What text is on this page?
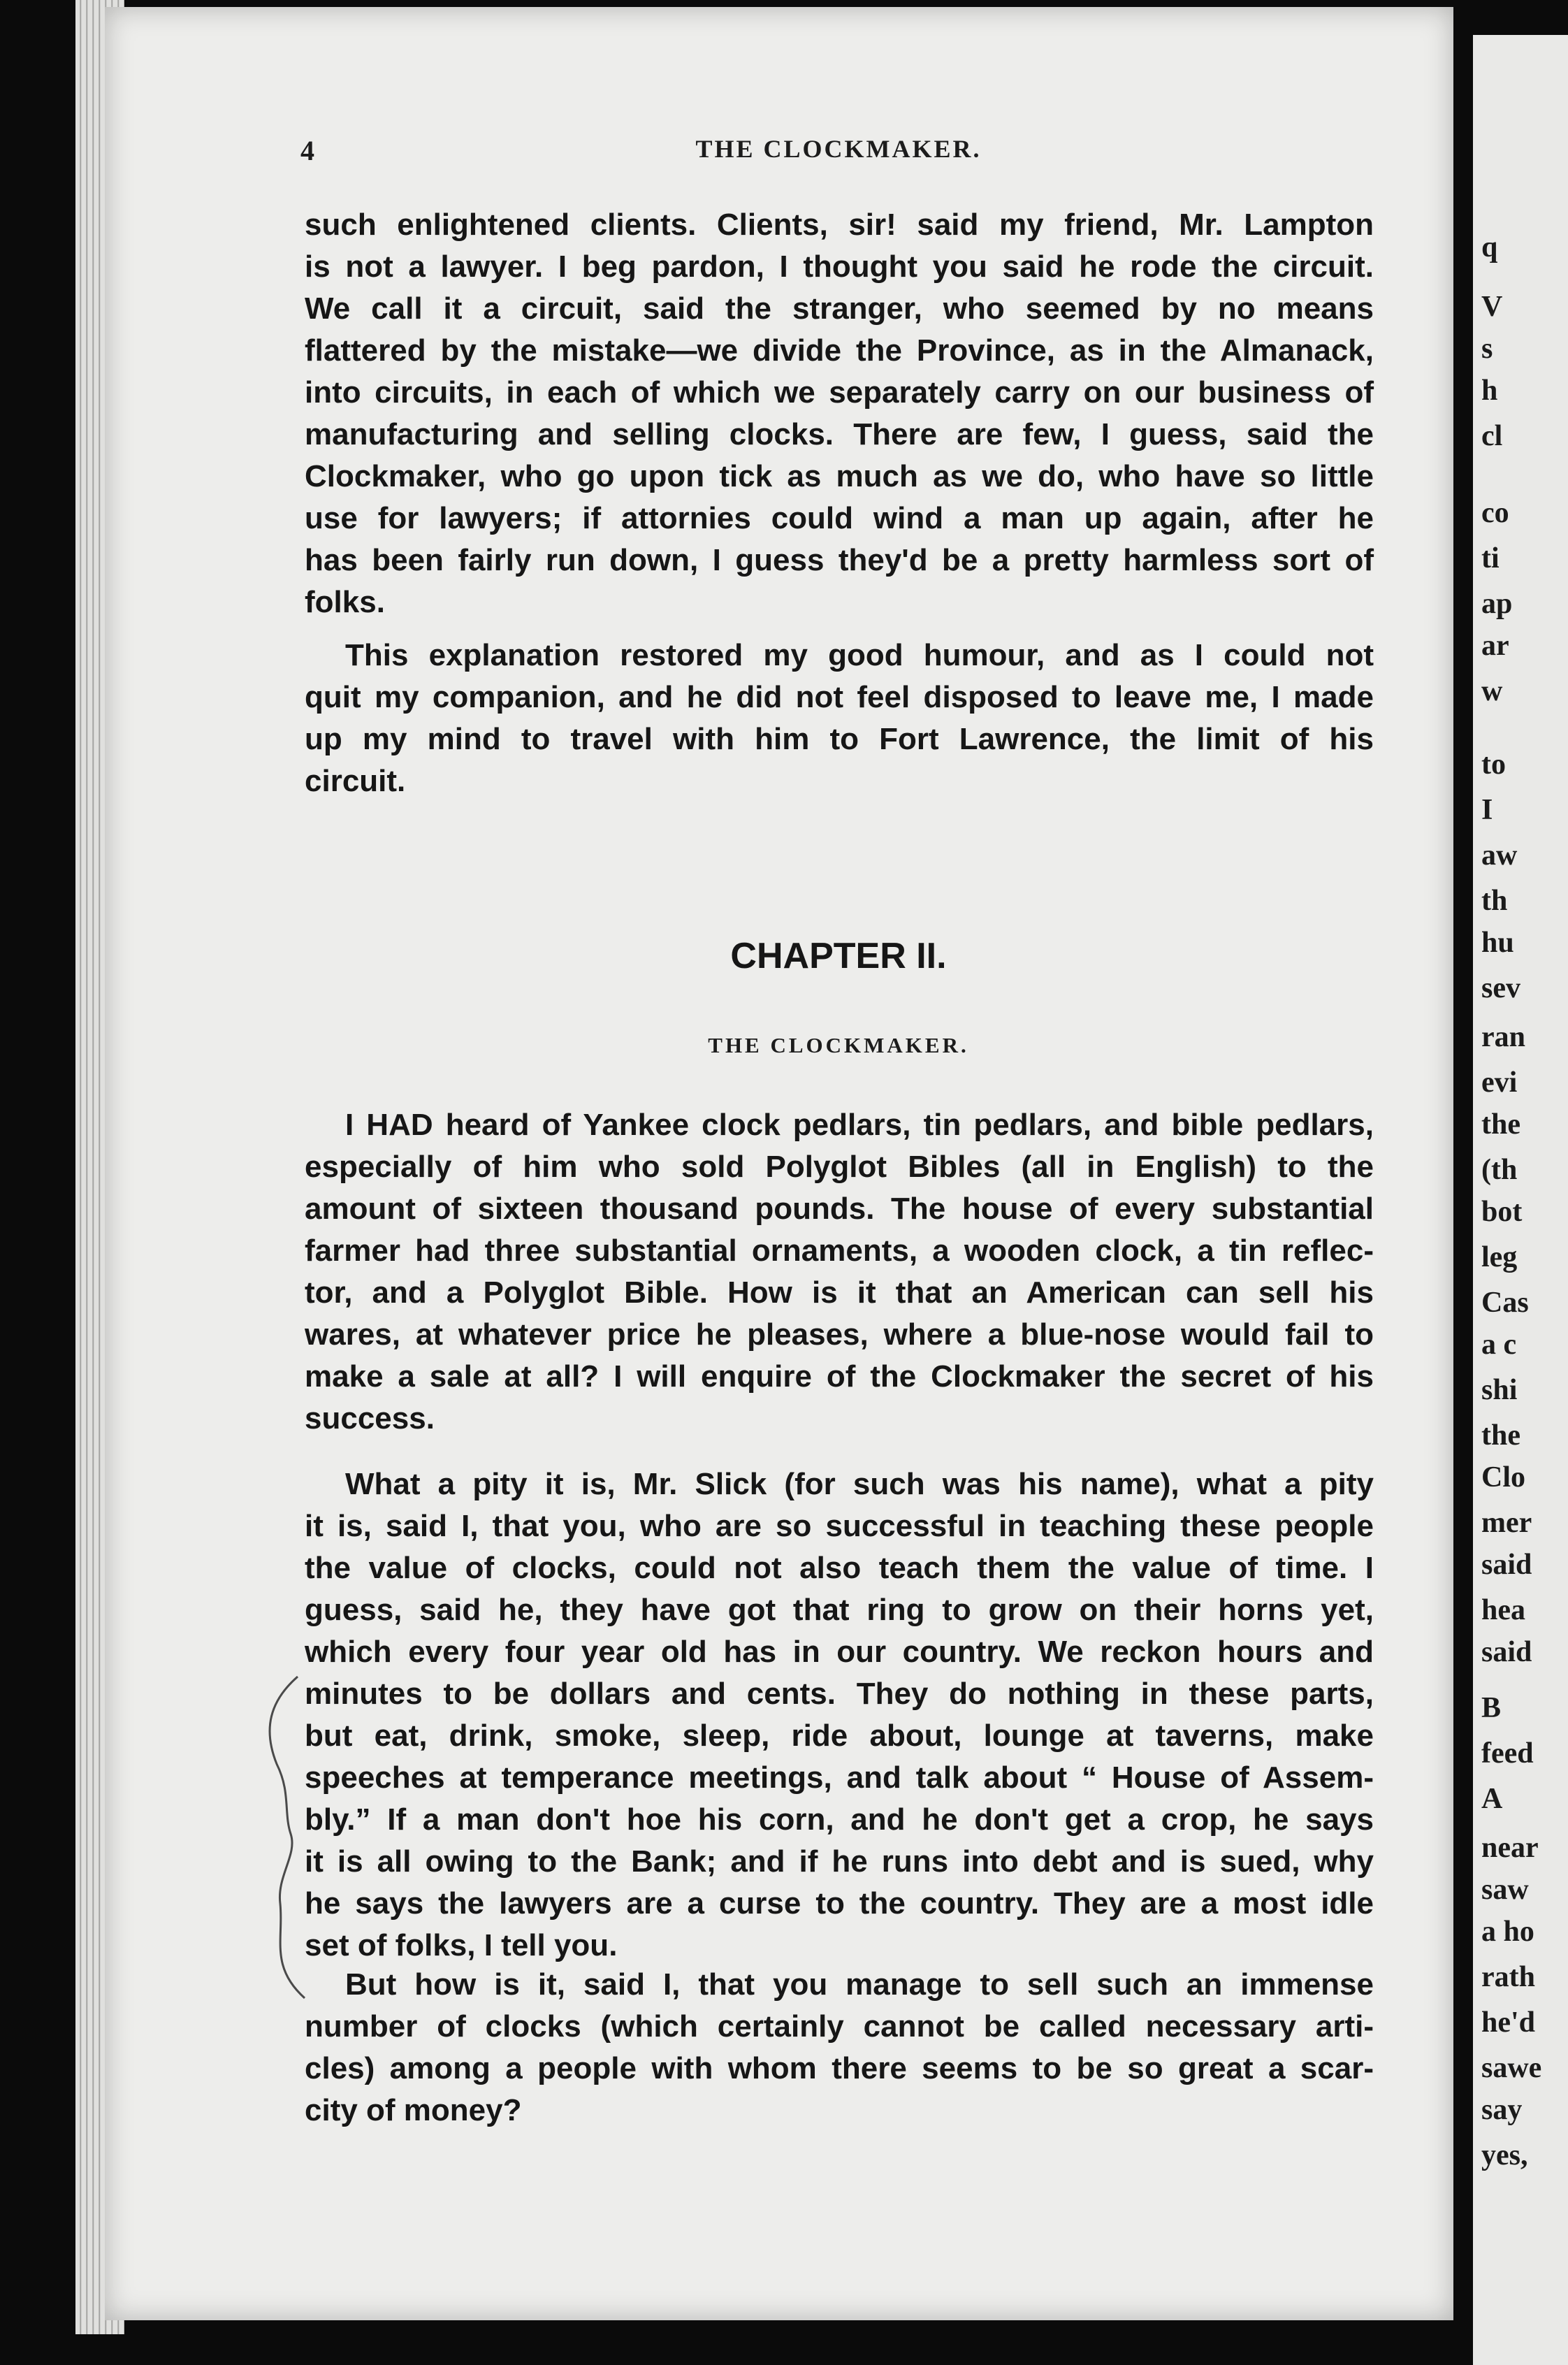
4	THE CLOCKMAKER.
such enlightened clients. Clients, sir! said my friend, Mr. Lampton
is not a lawyer. I beg pardon, I thought you said he rode the circuit.
We call it a circuit, said the stranger, who seemed by no means
flattered by the mistake—we divide the Province, as in the Almanack,
into circuits, in each of which we separately carry on our business of
manufacturing and selling clocks. There are few, I guess, said the
Clockmaker, who go upon tick as much as we do, who have so little
use for lawyers; if attornies could wind a man up again, after he
has been fairly run down, I guess they'd be a pretty harmless sort of
folks.
This explanation restored my good humour, and as I could not
quit my companion, and he did not feel disposed to leave me, I made
up my mind to travel with him to Fort Lawrence, the limit of his
circuit.
CHAPTER II.
THE CLOCKMAKER.
I HAD heard of Yankee clock pedlars, tin pedlars, and bible pedlars,
especially of him who sold Polyglot Bibles (all in English) to the
amount of sixteen thousand pounds. The house of every substantial
farmer had three substantial ornaments, a wooden clock, a tin reflec-
tor, and a Polyglot Bible. How is it that an American can sell his
wares, at whatever price he pleases, where a blue-nose would fail to
make a sale at all? I will enquire of the Clockmaker the secret of his
success.
What a pity it is, Mr. Slick (for such was his name), what a pity
it is, said I, that you, who are so successful in teaching these people
the value of clocks, could not also teach them the value of time. I
guess, said he, they have got that ring to grow on their horns yet,
which every four year old has in our country. We reckon hours and
minutes to be dollars and cents. They do nothing in these parts,
but eat, drink, smoke, sleep, ride about, lounge at taverns, make
speeches at temperance meetings, and talk about “ House of Assem-
bly.” If a man don't hoe his corn, and he don't get a crop, he says
it is all owing to the Bank; and if he runs into debt and is sued, why
he says the lawyers are a curse to the country. They are a most idle
set of folks, I tell you.
But how is it, said I, that you manage to sell such an immense
number of clocks (which certainly cannot be called necessary arti-
cles) among a people with whom there seems to be so great a scar-
city of money?
q
V
s
h
cl
co
ti
ap
ar
w
to
I
aw
th
hu
sev
ran
evi
the
(th
bot
leg
Cas
a c
shi
the
Clo
mer
said
hea
said
B
feed
A
near
saw
a ho
rath
he'd
sawe
say
yes,
